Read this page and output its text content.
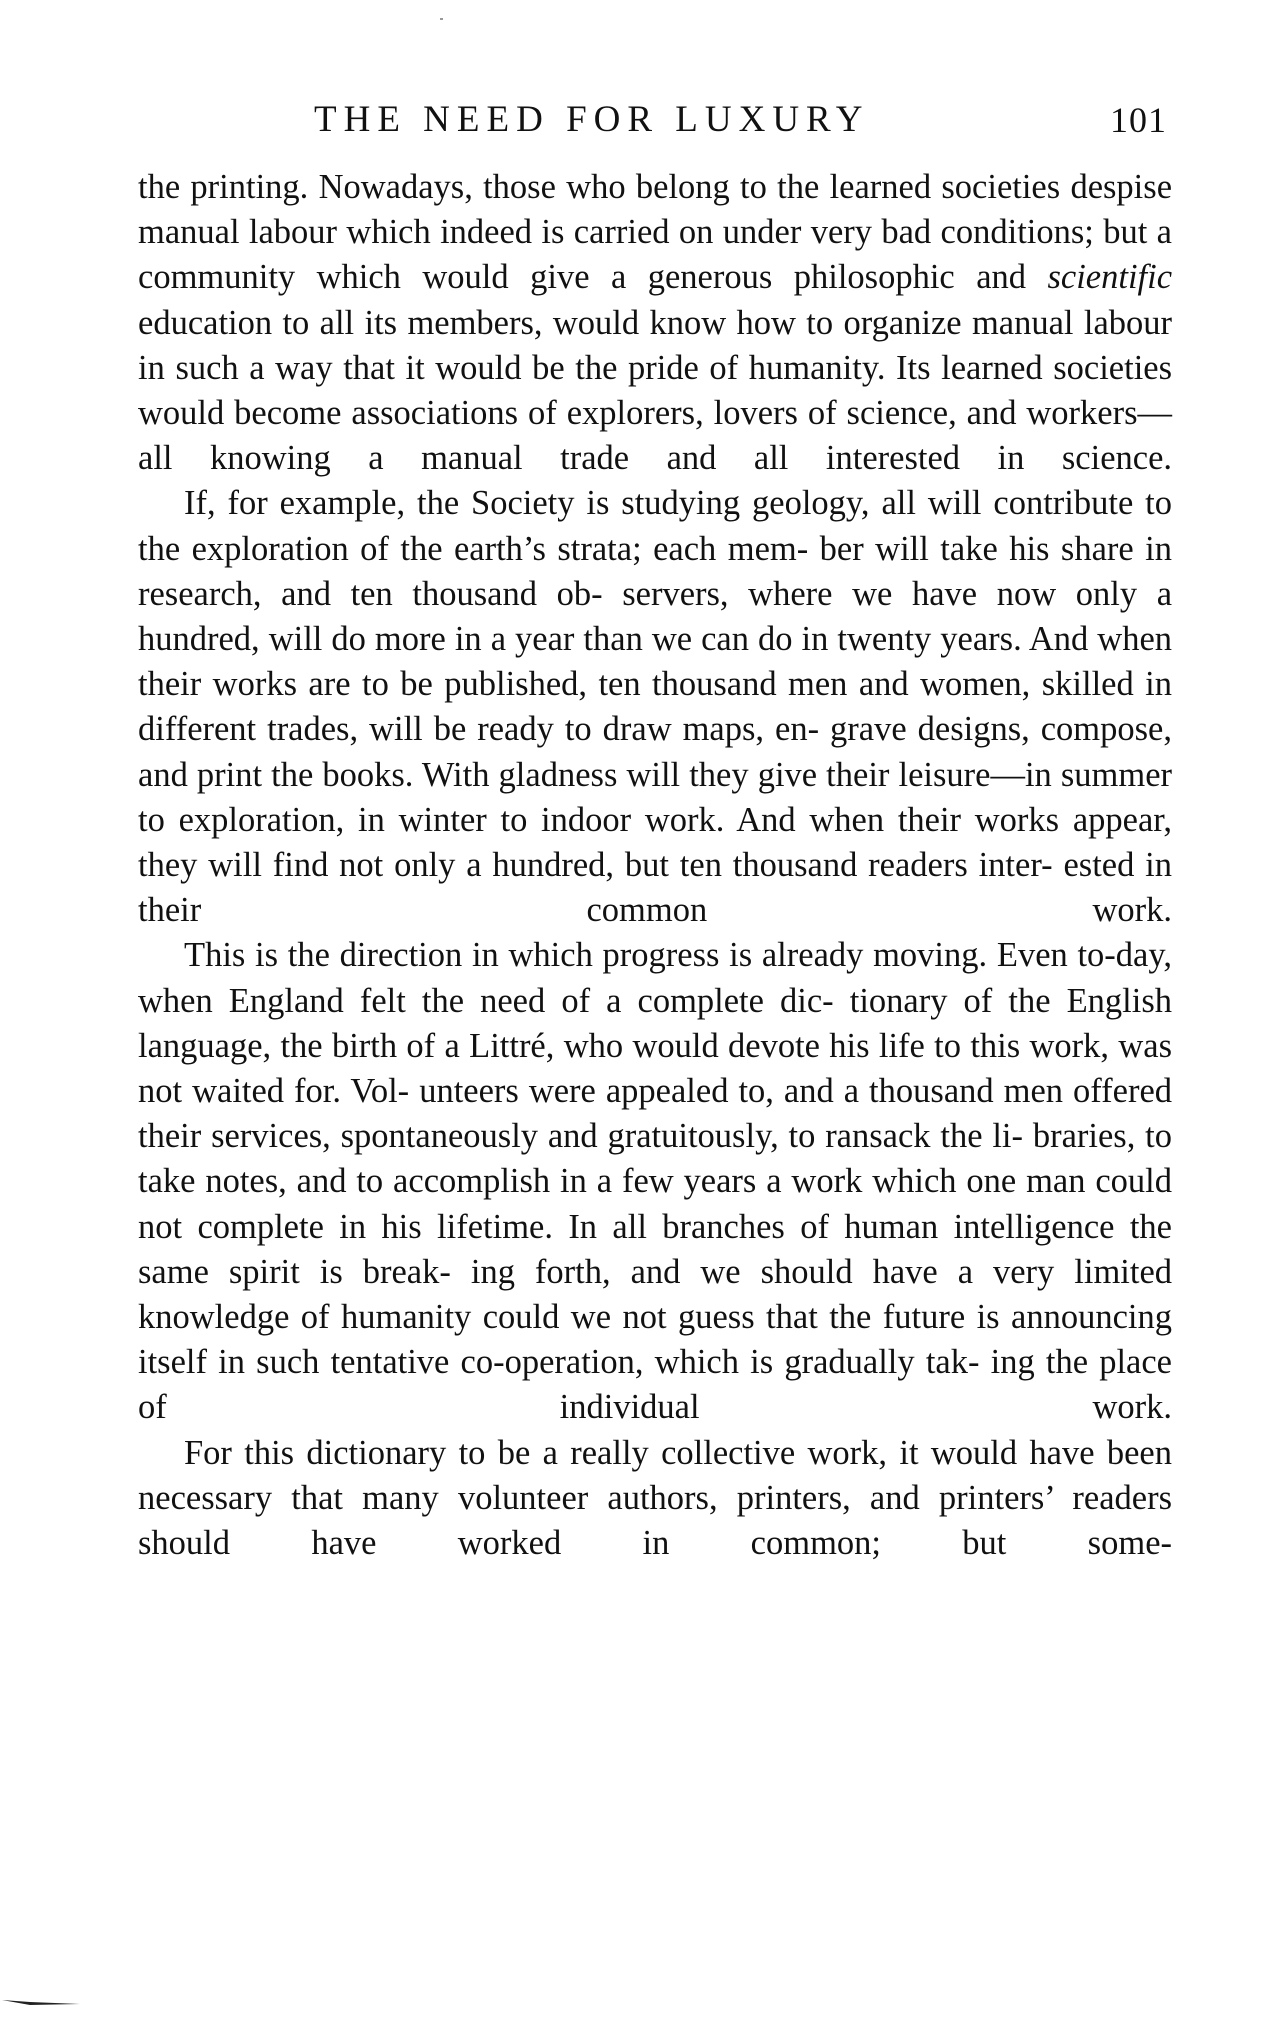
THE NEED FOR LUXURY	101

the printing. Nowadays, those who belong to the learned societies despise manual labour which indeed is carried on under very bad conditions; but a community which would give a generous philosophic and scientific education to all its members, would know how to organize manual labour in such a way that it would be the pride of humanity. Its learned societies would become associations of explorers, lovers of science, and workers—all knowing a manual trade and all interested in science.

If, for example, the Society is studying geology, all will contribute to the exploration of the earth’s strata; each mem- ber will take his share in research, and ten thousand ob- servers, where we have now only a hundred, will do more in a year than we can do in twenty years. And when their works are to be published, ten thousand men and women, skilled in different trades, will be ready to draw maps, en- grave designs, compose, and print the books. With gladness will they give their leisure—in summer to exploration, in winter to indoor work. And when their works appear, they will find not only a hundred, but ten thousand readers inter- ested in their common work.

This is the direction in which progress is already moving. Even to-day, when England felt the need of a complete dic- tionary of the English language, the birth of a Littré, who would devote his life to this work, was not waited for. Vol- unteers were appealed to, and a thousand men offered their services, spontaneously and gratuitously, to ransack the li- braries, to take notes, and to accomplish in a few years a work which one man could not complete in his lifetime. In all branches of human intelligence the same spirit is break- ing forth, and we should have a very limited knowledge of humanity could we not guess that the future is announcing itself in such tentative co-operation, which is gradually tak- ing the place of individual work.

For this dictionary to be a really collective work, it would have been necessary that many volunteer authors, printers, and printers’ readers should have worked in common; but some-
